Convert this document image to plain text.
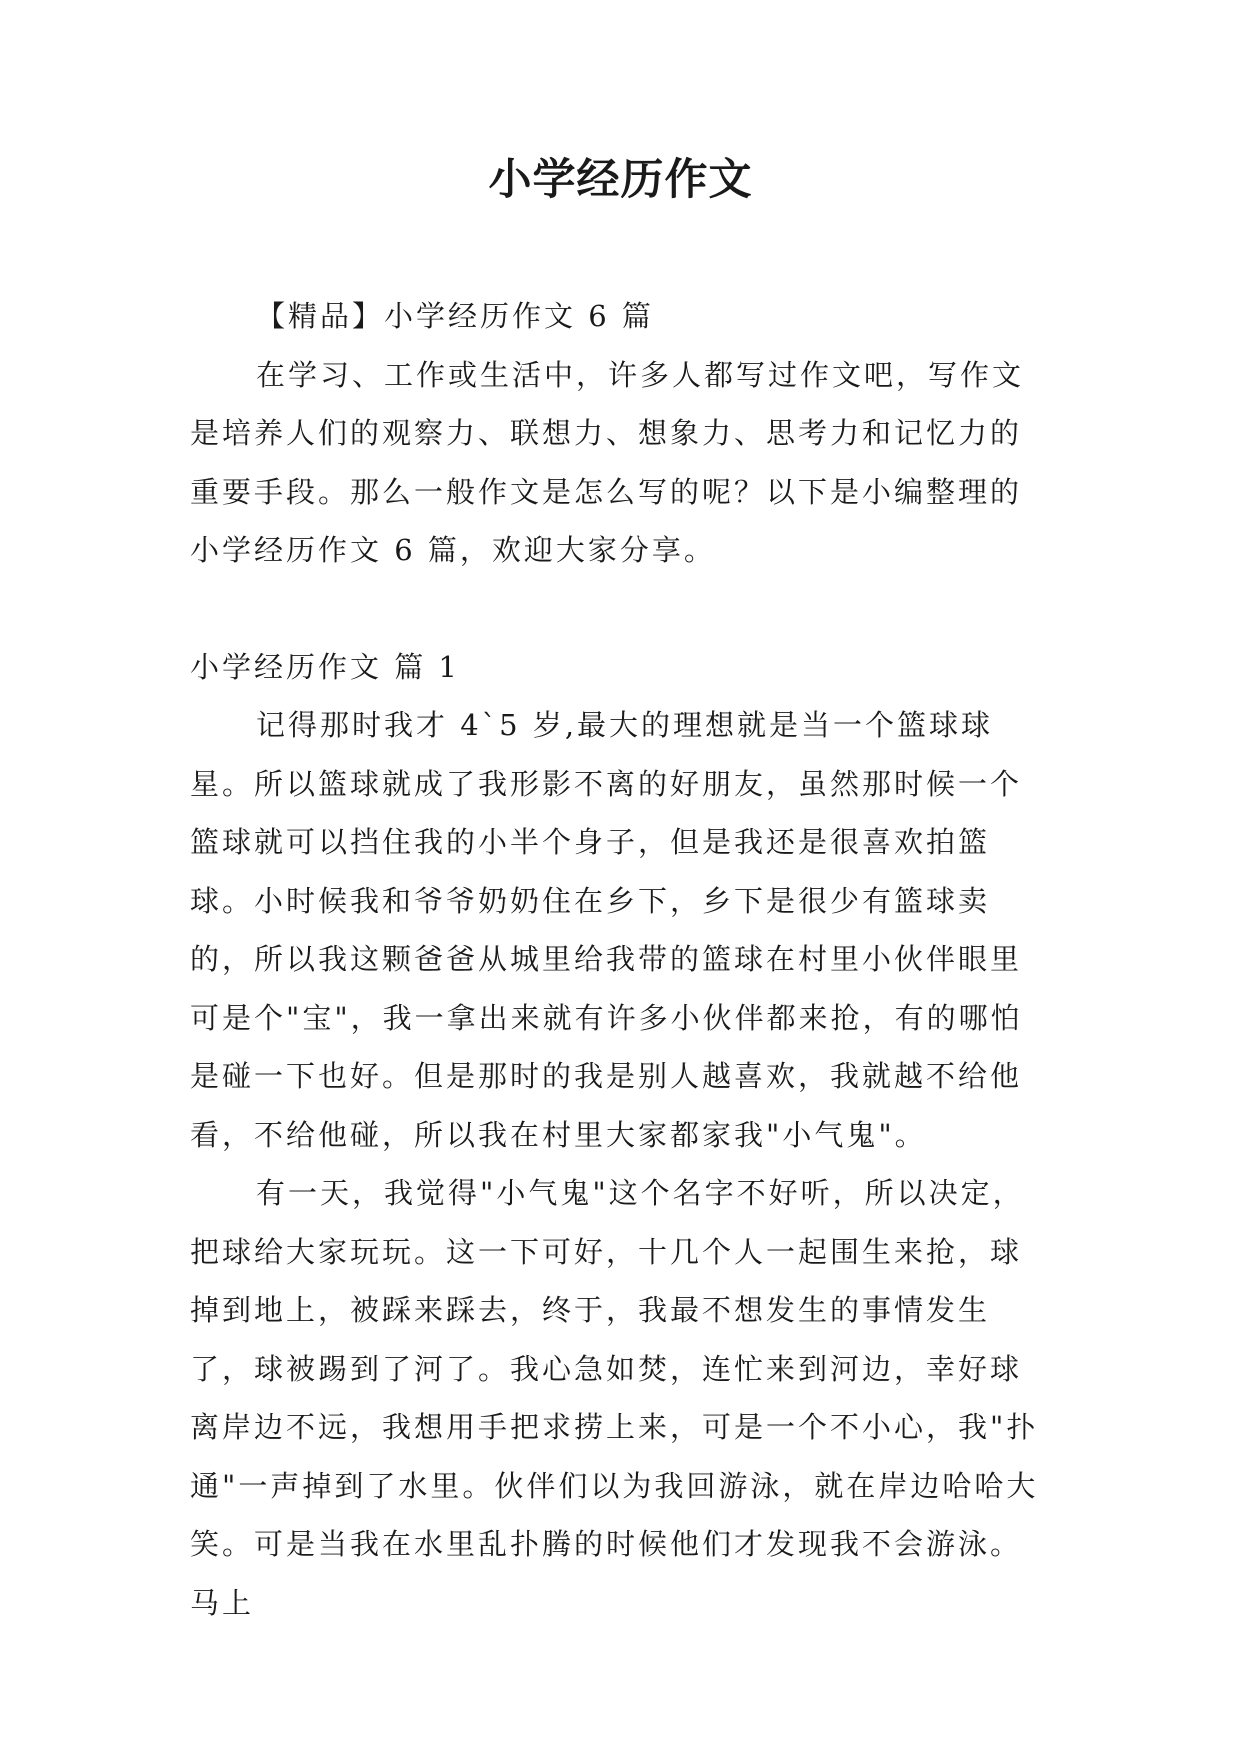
小学经历作文

【精品】小学经历作文 6 篇

在学习、工作或生活中，许多人都写过作文吧，写作文是培养人们的观察力、联想力、想象力、思考力和记忆力的重要手段。那么一般作文是怎么写的呢？以下是小编整理的小学经历作文 6 篇，欢迎大家分享。

小学经历作文 篇 1

记得那时我才 4`5 岁,最大的理想就是当一个篮球球星。所以篮球就成了我形影不离的好朋友，虽然那时候一个篮球就可以挡住我的小半个身子，但是我还是很喜欢拍篮球。小时候我和爷爷奶奶住在乡下，乡下是很少有篮球卖的，所以我这颗爸爸从城里给我带的篮球在村里小伙伴眼里可是个"宝"，我一拿出来就有许多小伙伴都来抢，有的哪怕是碰一下也好。但是那时的我是别人越喜欢，我就越不给他看，不给他碰，所以我在村里大家都家我"小气鬼"。

有一天，我觉得"小气鬼"这个名字不好听，所以决定，把球给大家玩玩。这一下可好，十几个人一起围生来抢，球掉到地上，被踩来踩去，终于，我最不想发生的事情发生了，球被踢到了河了。我心急如焚，连忙来到河边，幸好球离岸边不远，我想用手把求捞上来，可是一个不小心，我"扑通"一声掉到了水里。伙伴们以为我回游泳，就在岸边哈哈大笑。可是当我在水里乱扑腾的时候他们才发现我不会游泳。马上
